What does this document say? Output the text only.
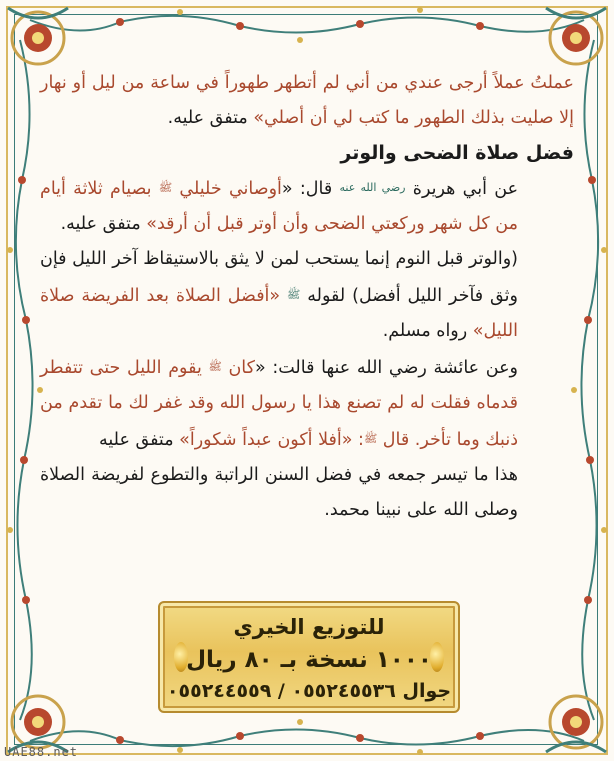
عملتُ عملاً أرجى عندي من أني لم أتطهر طهوراً في ساعة من ليل أو نهار إلا صليت بذلك الطهور ما كتب لي أن أصلي» متفق عليه.

فضل صلاة الضحى والوتر

عن أبي هريرة رضي الله عنه قال: «أوصاني خليلي ﷺ بصيام ثلاثة أيام من كل شهر وركعتي الضحى وأن أوتر قبل أن أرقد» متفق عليه.

(والوتر قبل النوم إنما يستحب لمن لا يثق بالاستيقاظ آخر الليل فإن وثق فآخر الليل أفضل) لقوله ﷺ «أفضل الصلاة بعد الفريضة صلاة الليل» رواه مسلم.

وعن عائشة رضي الله عنها قالت: «كان ﷺ يقوم الليل حتى تتفطر قدماه فقلت له لم تصنع هذا يا رسول الله وقد غفر لك ما تقدم من ذنبك وما تأخر. قال ﷺ: «أفلا أكون عبداً شكوراً» متفق عليه

هذا ما تيسر جمعه في فضل السنن الراتبة والتطوع لفريضة الصلاة وصلى الله على نبينا محمد.

للتوزيع الخيري
١٠٠٠ نسخة بـ ٨٠ ريال
جوال ٠٥٥٢٤٥٥٣٦ / ٠٥٥٢٤٤٥٥٩
UAE88.net
